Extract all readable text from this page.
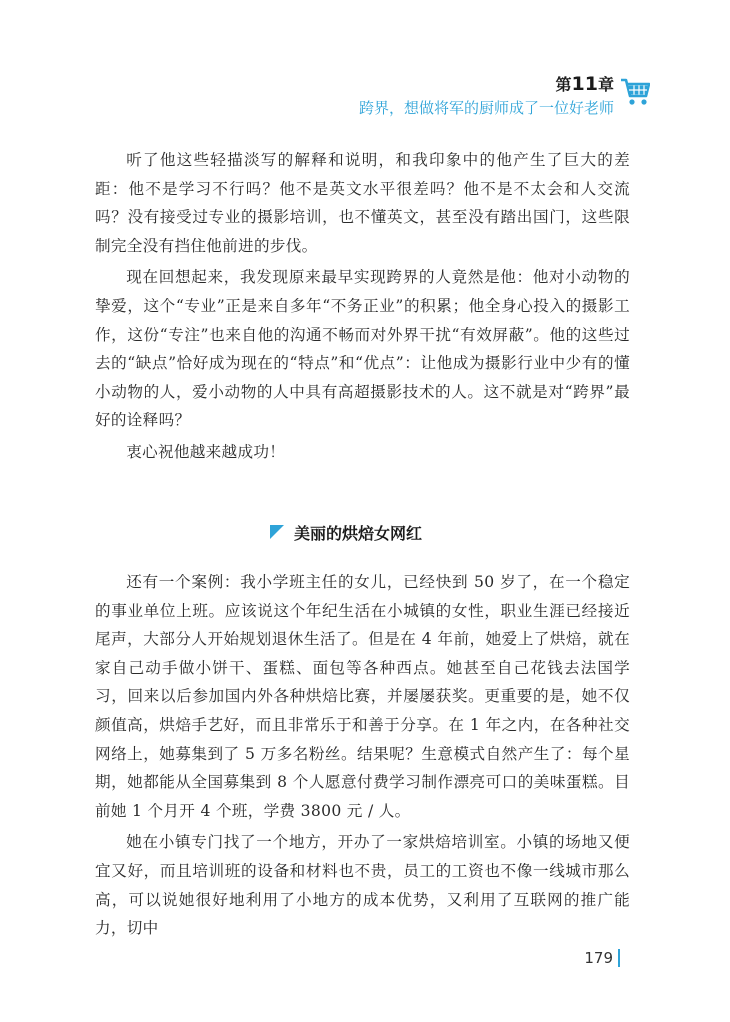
第11章
跨界，想做将军的厨师成了一位好老师

听了他这些轻描淡写的解释和说明，和我印象中的他产生了巨大的差距：他不是学习不行吗？他不是英文水平很差吗？他不是不太会和人交流吗？没有接受过专业的摄影培训，也不懂英文，甚至没有踏出国门，这些限制完全没有挡住他前进的步伐。

现在回想起来，我发现原来最早实现跨界的人竟然是他：他对小动物的挚爱，这个“专业”正是来自多年“不务正业”的积累；他全身心投入的摄影工作，这份“专注”也来自他的沟通不畅而对外界干扰“有效屏蔽”。他的这些过去的“缺点”恰好成为现在的“特点”和“优点”：让他成为摄影行业中少有的懂小动物的人，爱小动物的人中具有高超摄影技术的人。这不就是对“跨界”最好的诠释吗？

衷心祝他越来越成功！

美丽的烘焙女网红

还有一个案例：我小学班主任的女儿，已经快到 50 岁了，在一个稳定的事业单位上班。应该说这个年纪生活在小城镇的女性，职业生涯已经接近尾声，大部分人开始规划退休生活了。但是在 4 年前，她爱上了烘焙，就在家自己动手做小饼干、蛋糕、面包等各种西点。她甚至自己花钱去法国学习，回来以后参加国内外各种烘焙比赛，并屡屡获奖。更重要的是，她不仅颜值高，烘焙手艺好，而且非常乐于和善于分享。在 1 年之内，在各种社交网络上，她募集到了 5 万多名粉丝。结果呢？生意模式自然产生了：每个星期，她都能从全国募集到 8 个人愿意付费学习制作漂亮可口的美味蛋糕。目前她 1 个月开 4 个班，学费 3800 元 / 人。

她在小镇专门找了一个地方，开办了一家烘焙培训室。小镇的场地又便宜又好，而且培训班的设备和材料也不贵，员工的工资也不像一线城市那么高，可以说她很好地利用了小地方的成本优势，又利用了互联网的推广能力，切中

179
